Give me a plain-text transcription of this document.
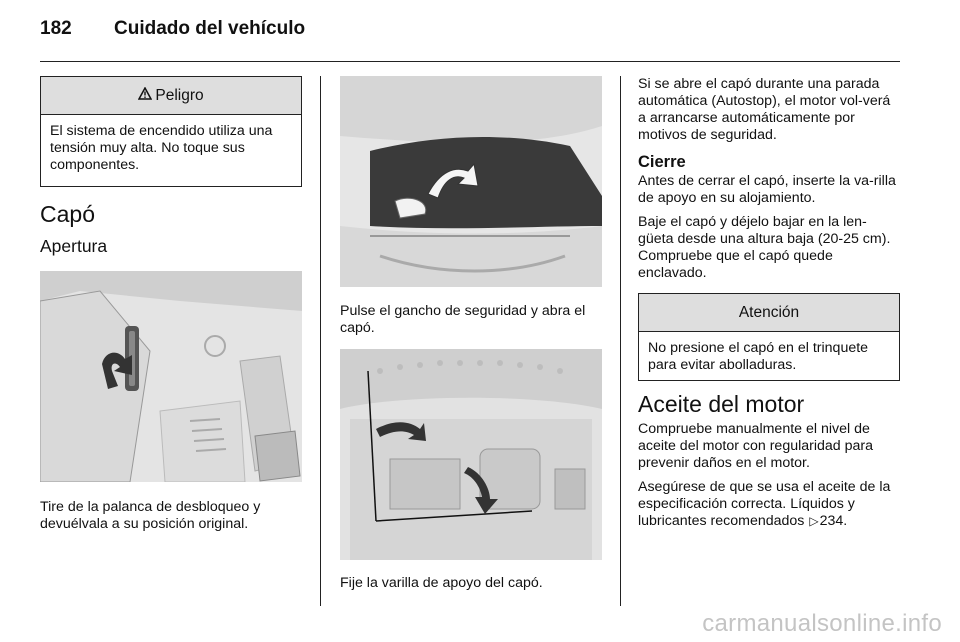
182	Cuidado del vehículo
Peligro
El sistema de encendido utiliza una tensión muy alta. No toque sus componentes.
Capó
Apertura

Tire de la palanca de desbloqueo y devuélvala a su posición original.

Pulse el gancho de seguridad y abra el capó.

Fije la varilla de apoyo del capó.

Si se abre el capó durante una parada automática (Autostop), el motor vol-verá a arrancarse automáticamente por motivos de seguridad.

Cierre

Antes de cerrar el capó, inserte la va-rilla de apoyo en su alojamiento.

Baje el capó y déjelo bajar en la len-güeta desde una altura baja (20-25 cm). Compruebe que el capó quede enclavado.

Atención
No presione el capó en el trinquete para evitar abolladuras.
Aceite del motor

Compruebe manualmente el nivel de aceite del motor con regularidad para prevenir daños en el motor.

Asegúrese de que se usa el aceite de la especificación correcta. Líquidos y lubricantes recomendados ▷234.

carmanualsonline.info
